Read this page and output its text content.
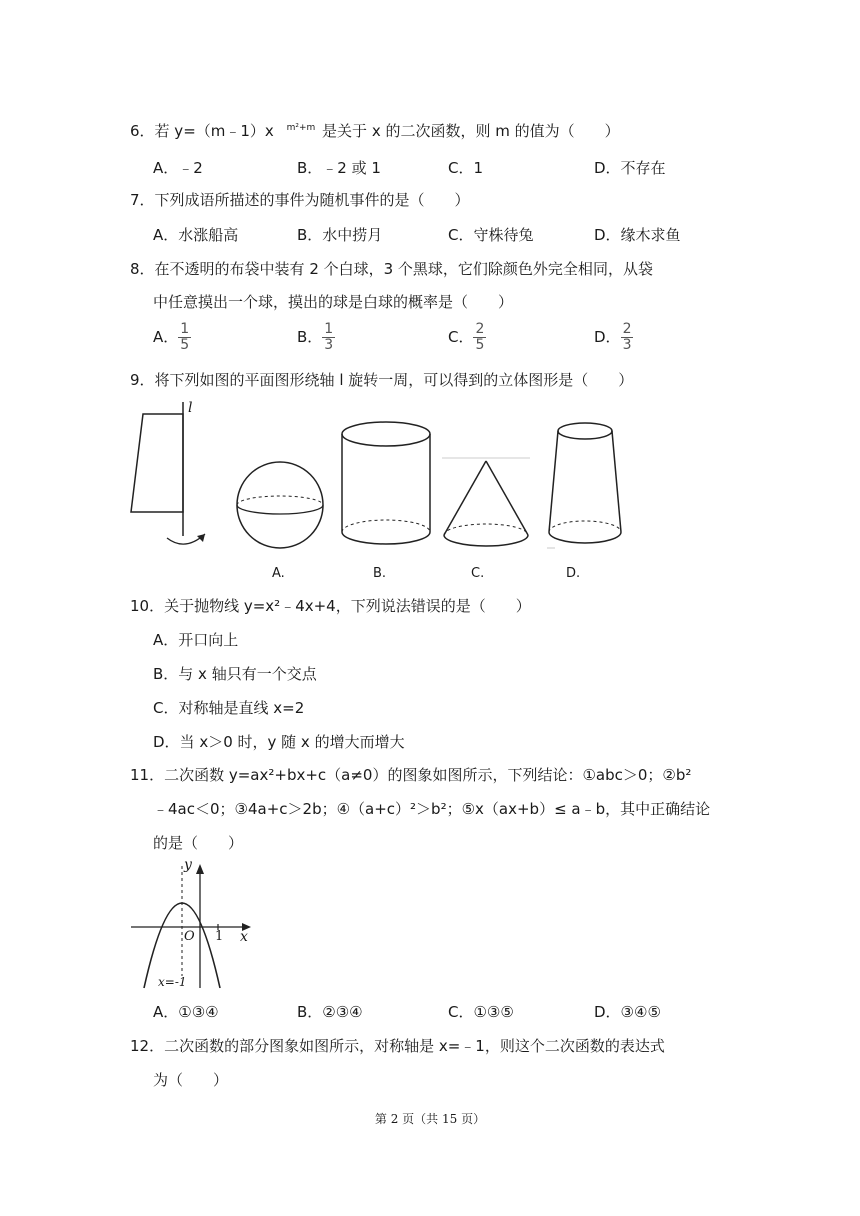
6．若 y=（m﹣1）x $^{m^2+m}$ 是关于 x 的二次函数，则 m 的值为（　　）
A．﹣2	B．﹣2 或 1	C．1	D．不存在
7．下列成语所描述的事件为随机事件的是（　　）
A．水涨船高	B．水中捞月	C．守株待兔	D．缘木求鱼
8．在不透明的布袋中装有 2 个白球，3 个黑球，它们除颜色外完全相同，从袋
中任意摸出一个球，摸出的球是白球的概率是（　　）
A． $\frac{1}{5}$	B． $\frac{1}{3}$	C． $\frac{2}{5}$	D． $\frac{2}{3}$
9．将下列如图的平面图形绕轴 l 旋转一周，可以得到的立体图形是（　　）
l
A.	B.	C.	D.
10．关于抛物线 y=x²﹣4x+4，下列说法错误的是（　　）
A．开口向上
B．与 x 轴只有一个交点
C．对称轴是直线 x=2
D．当 x＞0 时，y 随 x 的增大而增大
11．二次函数 y=ax²+bx+c（a≠0）的图象如图所示，下列结论：①abc＞0；②b²
﹣4ac＜0；③4a+c＞2b；④（a+c）²＞b²；⑤x（ax+b）≤ a﹣b，其中正确结论
的是（　　）
y
O 1 x
x=-1
A．①③④	B．②③④	C．①③⑤	D．③④⑤
12．二次函数的部分图象如图所示，对称轴是 x=﹣1，则这个二次函数的表达式
为（　　）
第 2 页（共 15 页）
